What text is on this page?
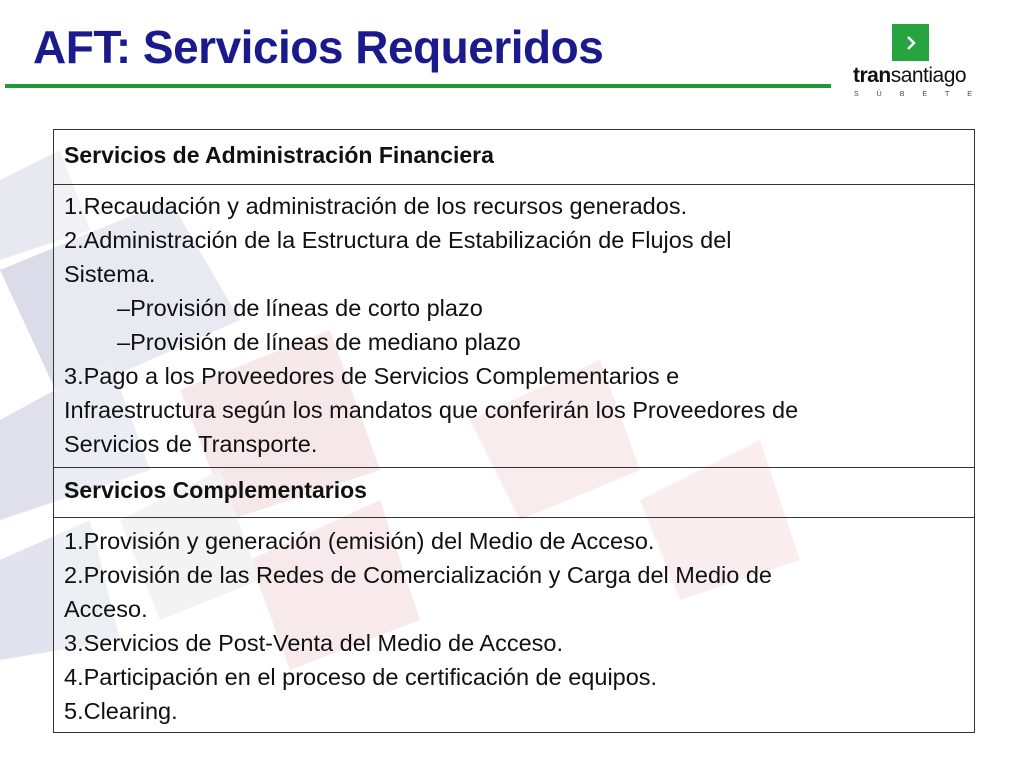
AFT: Servicios Requeridos
transantiago
S	Ú	B	E	T	E
Servicios de Administración Financiera
1.Recaudación y administración de los recursos generados.
2.Administración de la Estructura de Estabilización de Flujos del
Sistema.
–Provisión de líneas de corto plazo
–Provisión de líneas de mediano plazo
3.Pago a los Proveedores de Servicios Complementarios e
Infraestructura según los mandatos que conferirán los Proveedores de
Servicios de Transporte.
Servicios Complementarios
1.Provisión y generación (emisión) del Medio de Acceso.
2.Provisión de las Redes de Comercialización y Carga del Medio de
Acceso.
3.Servicios de Post-Venta del Medio de Acceso.
4.Participación en el proceso de certificación de equipos.
5.Clearing.
